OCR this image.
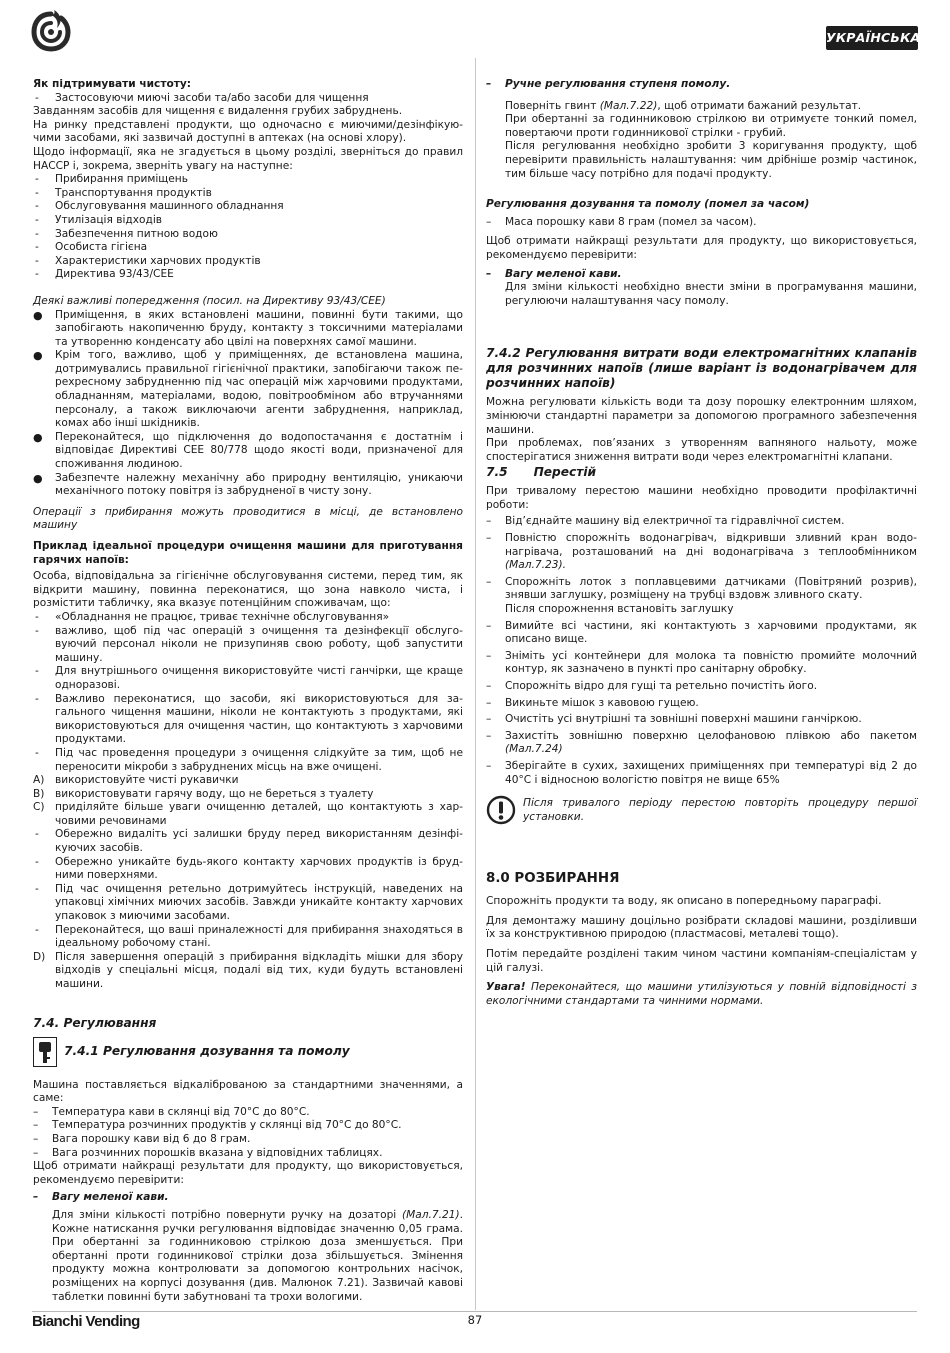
УКРАЇНСЬКА

Як підтримувати чистоту:

- Застосовуючи миючі засоби та/або засоби для чищення

Завданням засобів для чищення є видалення грубих забруднень.

На ринку представлені продукти, що одночасно є миючими/дезінфікую-чими засобами, які зазвичай доступні в аптеках (на основі хлору).

Щодо інформації, яка не згадується в цьому розділі, зверніться до правил НАССР і, зокрема, зверніть увагу на наступне:

- Прибирання приміщень

- Транспортування продуктів

- Обслуговування машинного обладнання

- Утилізація відходів

- Забезпечення питною водою

- Особиста гігієна

- Характеристики харчових продуктів

- Директива 93/43/СЕЕ

Деякі важливі попередження (посил. на Директиву 93/43/СЕЕ)

● Приміщення, в яких встановлені машини, повинні бути такими, що запобігають накопиченню бруду, контакту з токсичними матеріалами та утворенню конденсату або цвілі на поверхнях самої машини.

● Крім того, важливо, щоб у приміщеннях, де встановлена машина, дотримувались правильної гігієнічної практики, запобігаючи також пе-рехресному забрудненню під час операцій між харчовими продуктами, обладнанням, матеріалами, водою, повітрообміном або втручаннями персоналу, а також виключаючи агенти забруднення, наприклад, комах або інші шкідників.

● Переконайтеся, що підключення до водопостачання є достатнім і відповідає Директиві СЕЕ 80/778 щодо якості води, призначеної для споживання людиною.

● Забезпечте належну механічну або природну вентиляцію, уникаючи механічного потоку повітря із забрудненої в чисту зону.

Операції з прибирання можуть проводитися в місці, де встановлено машину

Приклад ідеальної процедури очищення машини для приготування гарячих напоїв:

Особа, відповідальна за гігієнічне обслуговування системи, перед тим, як відкрити машину, повинна переконатися, що зона навколо чиста, і розмістити табличку, яка вказує потенційним споживачам, що:

- «Обладнання не працює, триває технічне обслуговування»

- важливо, щоб під час операцій з очищення та дезінфекції обслуго-вуючий персонал ніколи не призупиняв свою роботу, щоб запустити машину.

- Для внутрішнього очищення використовуйте чисті ганчірки, ще краще одноразові.

- Важливо переконатися, що засоби, які використовуються для за-гального чищення машини, ніколи не контактують з продуктами, які використовуються для очищення частин, що контактують з харчовими продуктами.

- Під час проведення процедури з очищення слідкуйте за тим, щоб не переносити мікроби з забруднених місць на вже очищені.

A) використовуйте чисті рукавички

B) використовувати гарячу воду, що не береться з туалету

C) приділяйте більше уваги очищенню деталей, що контактують з хар-човими речовинами

- Обережно видаліть усі залишки бруду перед використанням дезінфі-куючих засобів.

- Обережно уникайте будь-якого контакту харчових продуктів із бруд-ними поверхнями.

- Під час очищення ретельно дотримуйтесь інструкцій, наведених на упаковці хімічних миючих засобів. Завжди уникайте контакту харчових упаковок з миючими засобами.

- Переконайтеся, що ваші приналежності для прибирання знаходяться в ідеальному робочому стані.

D) Після завершення операцій з прибирання відкладіть мішки для збору відходів у спеціальні місця, подалі від тих, куди будуть встановлені машини.

7.4. Регулювання

7.4.1 Регулювання дозування та помолу

Машина поставляється відкаліброваною за стандартними значеннями, а саме:

– Температура кави в склянці від 70°C до 80°C.

– Температура розчинних продуктів у склянці від 70°C до 80°C.

– Вага порошку кави від 6 до 8 грам.

– Вага розчинних порошків вказана у відповідних таблицях.

Щоб отримати найкращі результати для продукту, що використовується, рекомендуємо перевірити:

– Вагу меленої кави.

Для зміни кількості потрібно повернути ручку на дозаторі (Мал.7.21). Кожне натискання ручки регулювання відповідає значенню 0,05 грама. При обертанні за годинниковою стрілкою доза зменшується. При обертанні проти годинникової стрілки доза збільшується. Змінення продукту можна контролювати за допомогою контрольних насічок, розміщених на корпусі дозування (див. Малюнок 7.21). Зазвичай кавові таблетки повинні бути забутнованi та трохи вологими.

– Ручне регулювання ступеня помолу.

Поверніть гвинт (Мал.7.22), щоб отримати бажаний результат.

При обертанні за годинниковою стрілкою ви отримуєте тонкий помел, повертаючи проти годинникової стрілки - грубий.

Після регулювання необхідно зробити 3 коригування продукту, щоб перевірити правильність налаштування: чим дрібніше розмір частинок, тим більше часу потрібно для подачі продукту.

Регулювання дозування та помолу (помел за часом)

– Маса порошку кави 8 грам (помел за часом).

Щоб отримати найкращі результати для продукту, що використовується, рекомендуємо перевірити:

– Вагу меленої кави.

Для зміни кількості необхідно внести зміни в програмування машини, регулюючи налаштування часу помолу.

7.4.2 Регулювання витрати води електромагнітних клапанів для розчинних напоїв (лише варіант із водонагрівачем для розчинних напоїв)

Можна регулювати кількість води та дозу порошку електронним шляхом, змінюючи стандартні параметри за допомогою програмного забезпечення машини.

При проблемах, пов’язаних з утворенням вапняного нальоту, може спостерігатися зниження витрати води через електромагнітні клапани.

7.5 Перестій

При тривалому перестою машини необхідно проводити профілактичні роботи:

– Від’єднайте машину від електричної та гідравлічної систем.

– Повністю спорожніть водонагрівач, відкривши зливний кран водо-нагрівача, розташований на дні водонагрівача з теплообмінником (Мал.7.23).

– Спорожніть лоток з поплавцевими датчиками (Повітряний розрив), знявши заглушку, розміщену на трубці вздовж зливного скату.

Після спорожнення встановіть заглушку

– Вимийте всі частини, які контактують з харчовими продуктами, як описано вище.

– Зніміть усі контейнери для молока та повністю промийте молочний контур, як зазначено в пункті про санітарну обробку.

– Спорожніть відро для гущі та ретельно почистіть його.

– Викиньте мішок з кавовою гущею.

– Очистіть усі внутрішні та зовнішні поверхні машини ганчіркою.

– Захистіть зовнішню поверхню целофановою плівкою або пакетом (Мал.7.24)

– Зберігайте в сухих, захищених приміщеннях при температурі від 2 до 40°C і відносною вологістю повітря не вище 65%

Після тривалого періоду перестою повторіть процедуру першої установки.

8.0 РОЗБИРАННЯ

Спорожніть продукти та воду, як описано в попередньому параграфі.

Для демонтажу машину доцільно розібрати складові машини, розділивши їх за конструктивною природою (пластмасові, металеві тощо).

Потім передайте розділені таким чином частини компаніям-спеціалістам у цій галузі.

Увага! Переконайтеся, що машини утилізуються у повній відповідності з екологічними стандартами та чинними нормами.

Bianchi Vending	87
